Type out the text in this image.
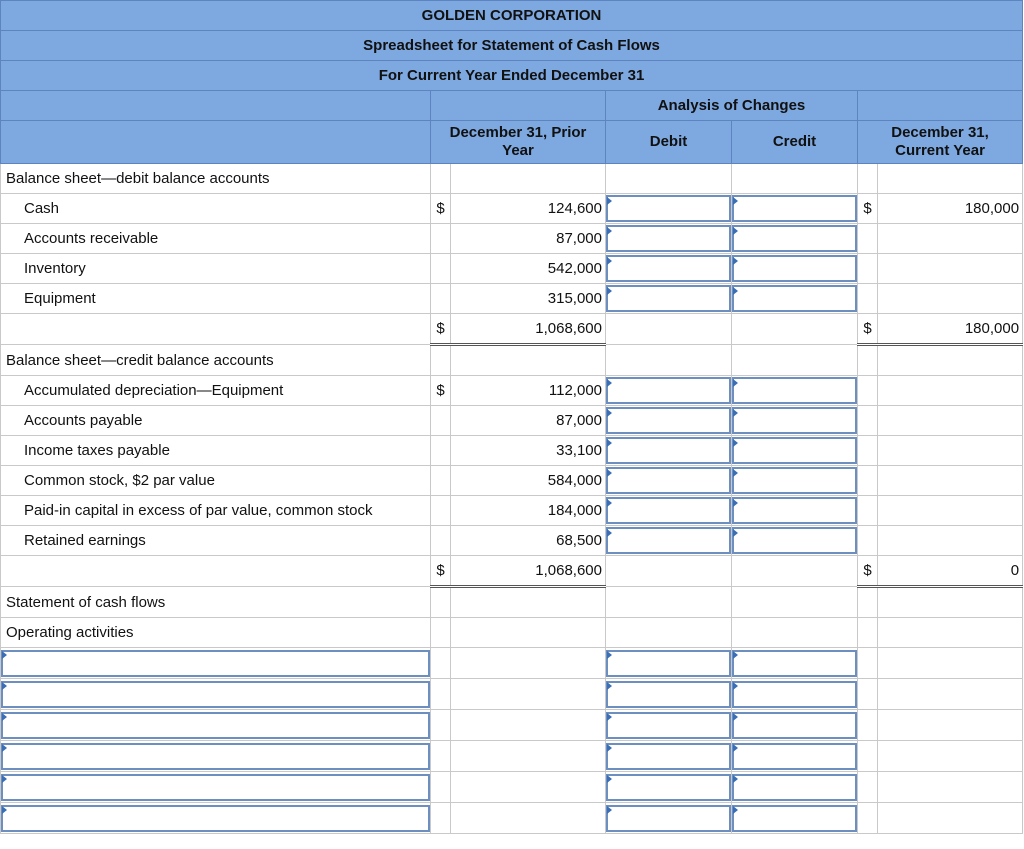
GOLDEN CORPORATION						
Spreadsheet for Statement of Cash Flows						
For Current Year Ended December 31						
			Analysis of Changes			
	December 31, Prior Year		Debit	Credit	December 31, Current Year	
Balance sheet—debit balance accounts						
Cash	$	124,600			$	180,000
Accounts receivable		87,000	

Inventory		542,000	

Equipment		315,000	

	$	1,068,600			$	180,000
Balance sheet—credit balance accounts						
Accumulated depreciation—Equipment	$	112,000	

Accounts payable		87,000	

Income taxes payable		33,100	

Common stock, $2 par value		584,000	

Paid-in capital in excess of par value, common stock		184,000	

Retained earnings		68,500	

	$	1,068,600			$	0
Statement of cash flows						
Operating activities						
